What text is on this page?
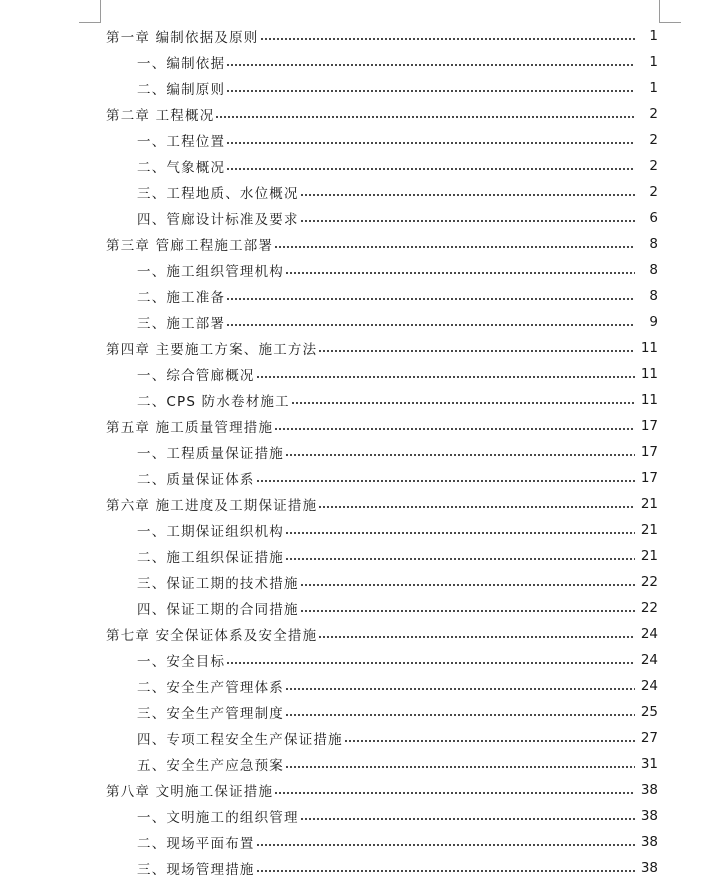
第一章 编制依据及原则	1
一、编制依据	1
二、编制原则	1
第二章 工程概况	2
一、工程位置	2
二、气象概况	2
三、工程地质、水位概况	2
四、管廊设计标准及要求	6
第三章 管廊工程施工部署	8
一、施工组织管理机构	8
二、施工准备	8
三、施工部署	9
第四章 主要施工方案、施工方法	11
一、综合管廊概况	11
二、CPS 防水卷材施工	11
第五章 施工质量管理措施	17
一、工程质量保证措施	17
二、质量保证体系	17
第六章 施工进度及工期保证措施	21
一、工期保证组织机构	21
二、施工组织保证措施	21
三、保证工期的技术措施	22
四、保证工期的合同措施	22
第七章 安全保证体系及安全措施	24
一、安全目标	24
二、安全生产管理体系	24
三、安全生产管理制度	25
四、专项工程安全生产保证措施	27
五、安全生产应急预案	31
第八章 文明施工保证措施	38
一、文明施工的组织管理	38
二、现场平面布置	38
三、现场管理措施	38
